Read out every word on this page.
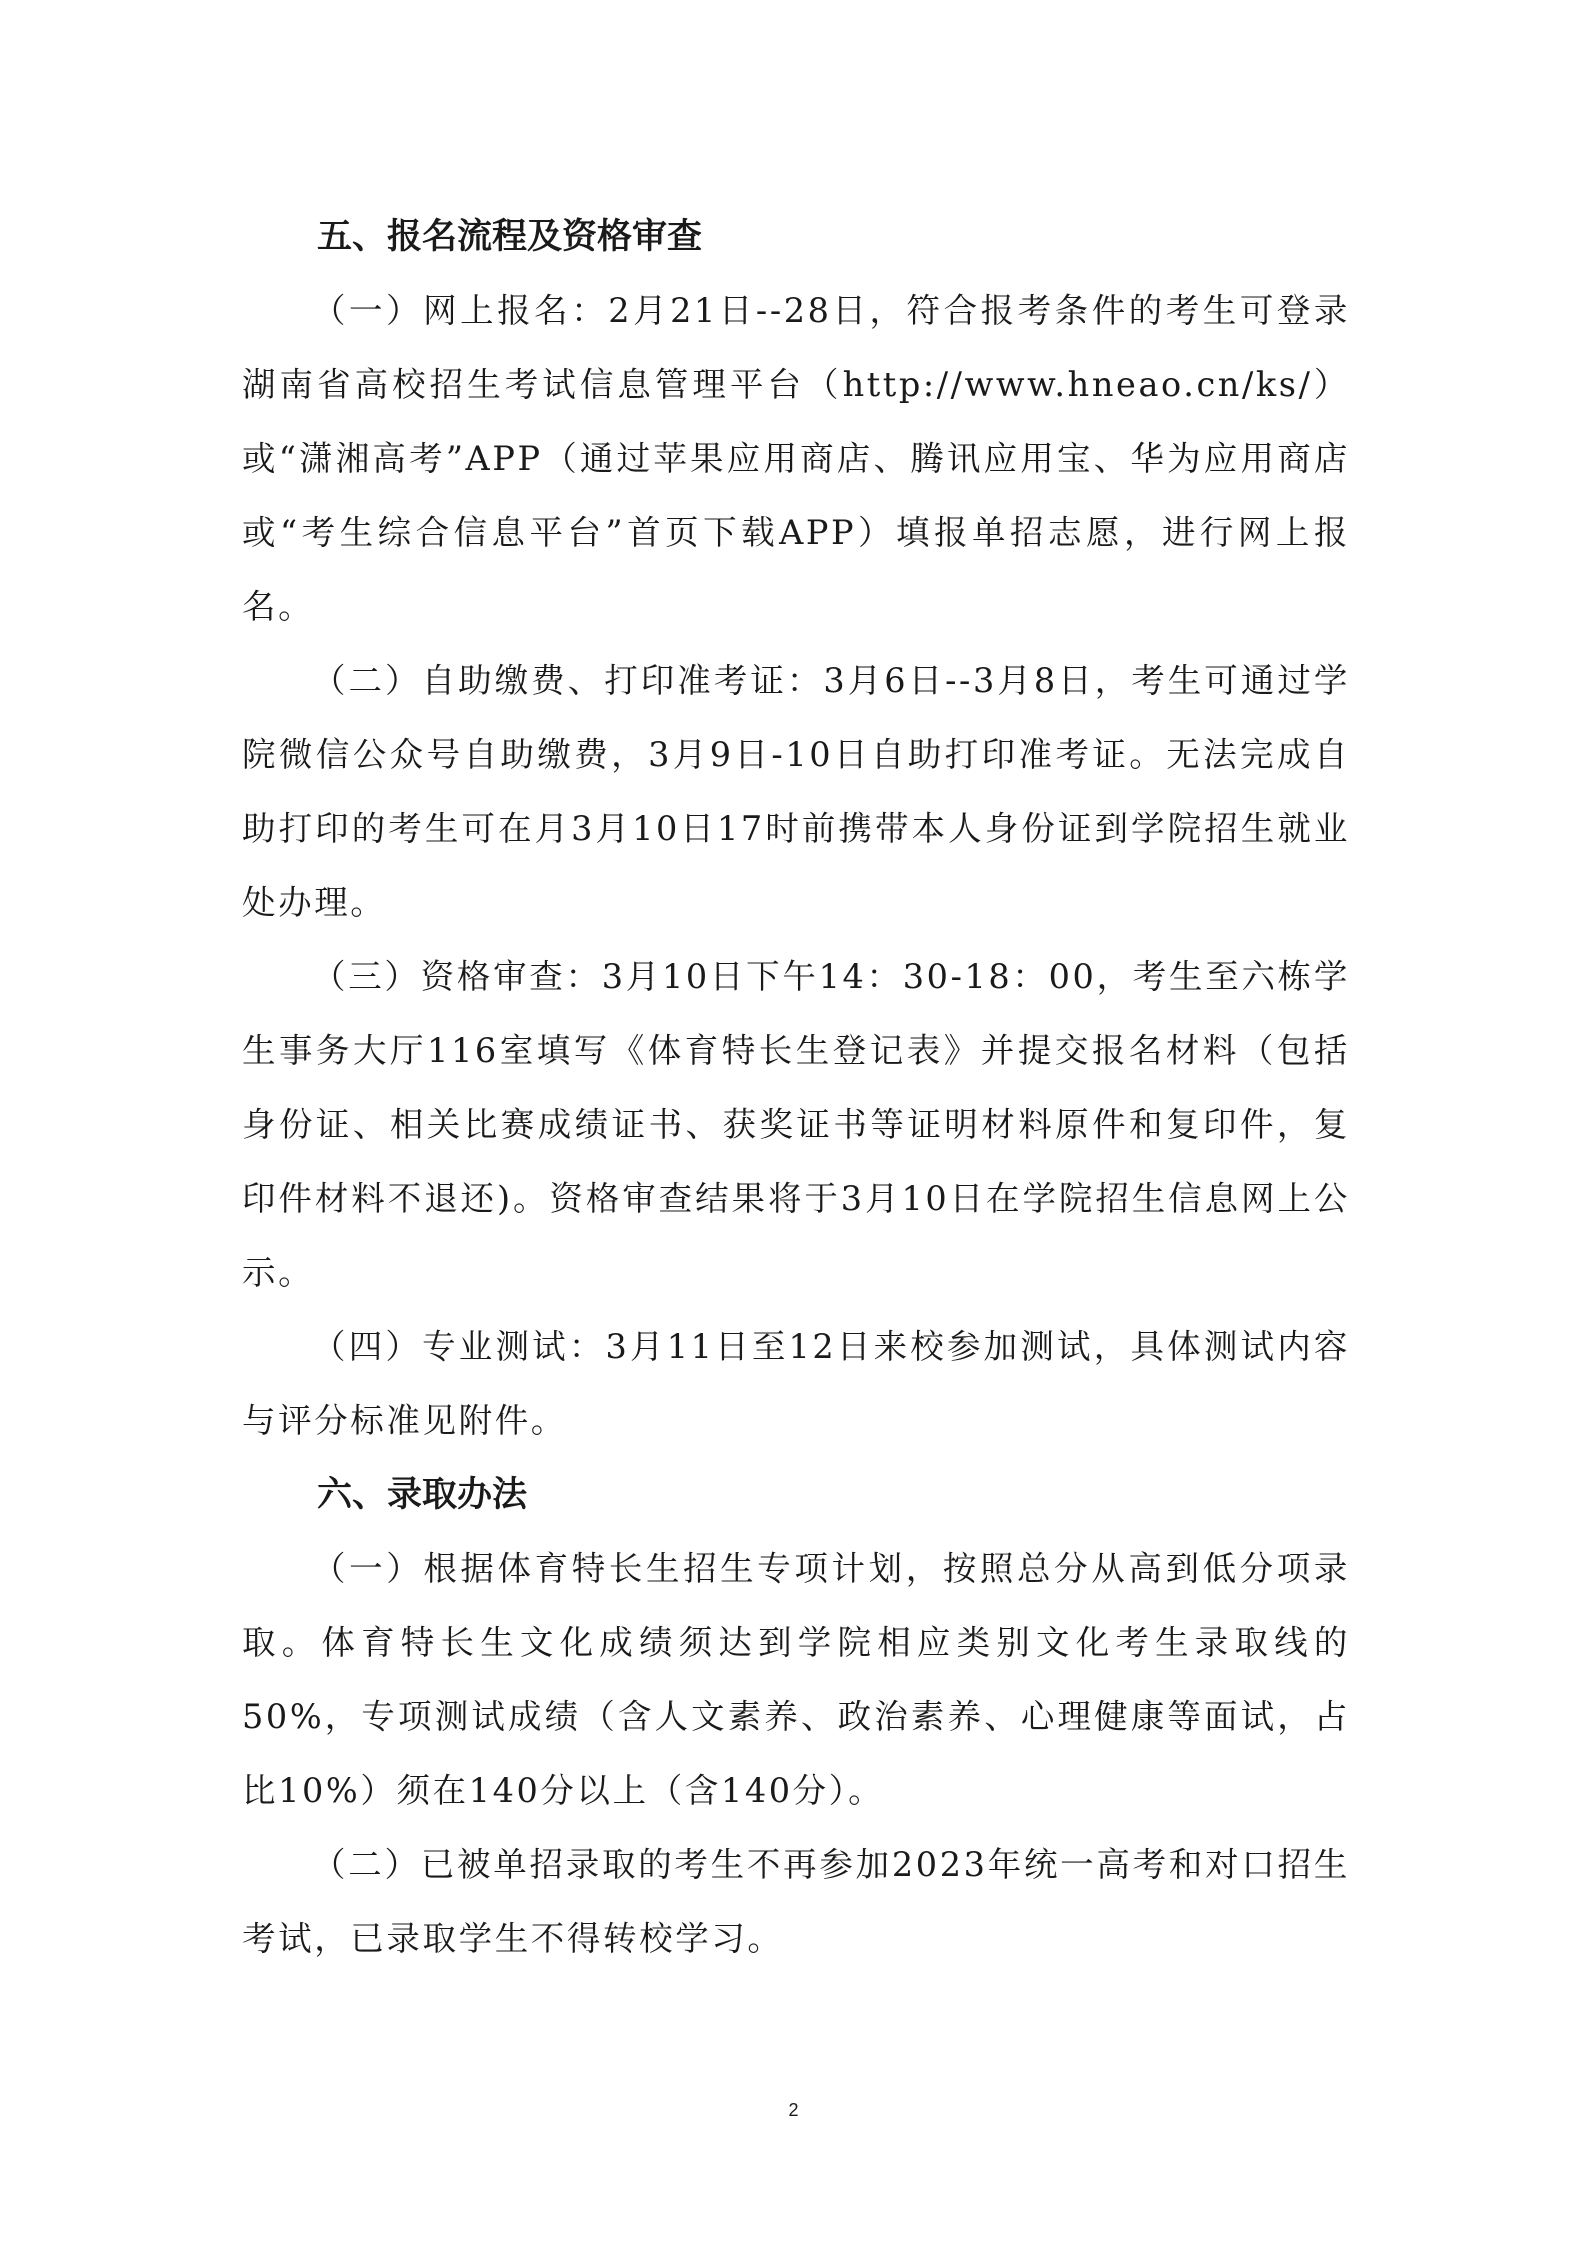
五、报名流程及资格审查

（一）网上报名：2月21日--28日，符合报考条件的考生可登录湖南省高校招生考试信息管理平台（http://www.hneao.cn/ks/）或“潇湘高考”APP（通过苹果应用商店、腾讯应用宝、华为应用商店或“考生综合信息平台”首页下载APP）填报单招志愿，进行网上报名。

（二）自助缴费、打印准考证：3月6日--3月8日，考生可通过学院微信公众号自助缴费，3月9日-10日自助打印准考证。无法完成自助打印的考生可在月3月10日17时前携带本人身份证到学院招生就业处办理。

（三）资格审查：3月10日下午14：30-18：00，考生至六栋学生事务大厅116室填写《体育特长生登记表》并提交报名材料（包括身份证、相关比赛成绩证书、获奖证书等证明材料原件和复印件，复印件材料不退还)。资格审查结果将于3月10日在学院招生信息网上公示。

（四）专业测试：3月11日至12日来校参加测试，具体测试内容与评分标准见附件。

六、录取办法

（一）根据体育特长生招生专项计划，按照总分从高到低分项录取。体育特长生文化成绩须达到学院相应类别文化考生录取线的50%，专项测试成绩（含人文素养、政治素养、心理健康等面试，占比10%）须在140分以上（含140分）。

（二）已被单招录取的考生不再参加2023年统一高考和对口招生考试，已录取学生不得转校学习。

2
